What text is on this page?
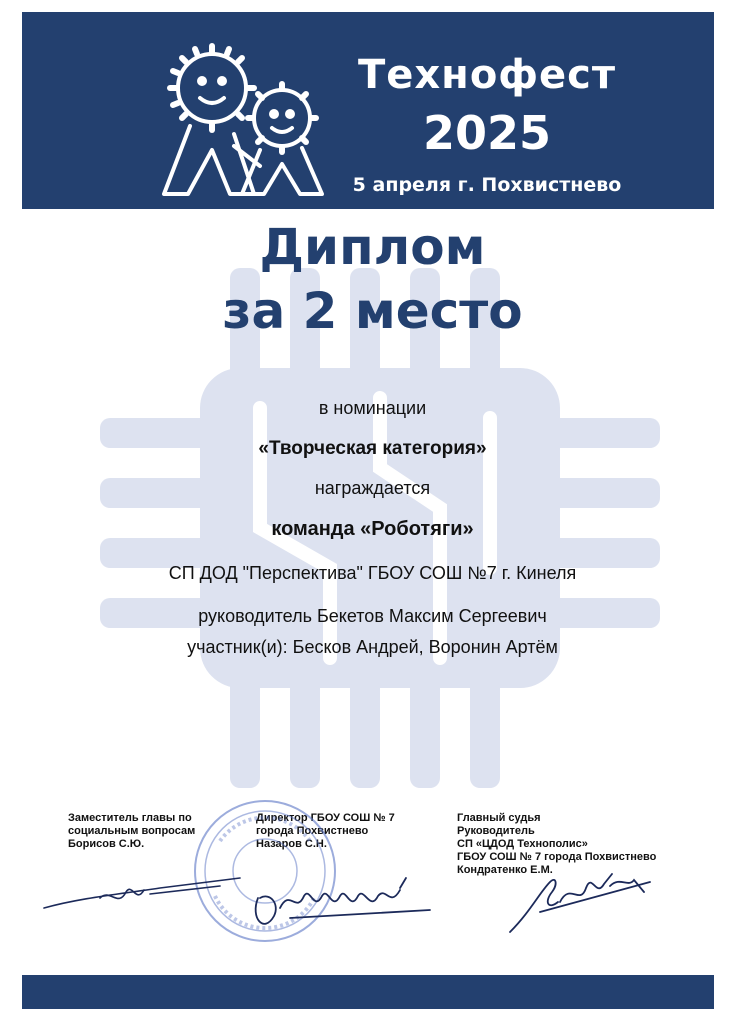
Технофест
2025
5 апреля г. Похвистнево
Диплом
за 2 место
в номинации
«Творческая категория»
награждается
команда «Роботяги»
СП ДОД "Перспектива" ГБОУ СОШ №7 г. Кинеля
руководитель Бекетов Максим Сергеевич
участник(и): Бесков Андрей, Воронин Артём
Заместитель главы по
социальным вопросам
Борисов С.Ю.
Директор ГБОУ СОШ № 7
города Похвистнево
Назаров С.Н.
Главный судья
Руководитель
СП «ЦДОД Технополис»
ГБОУ СОШ № 7 города Похвистнево
Кондратенко Е.М.
